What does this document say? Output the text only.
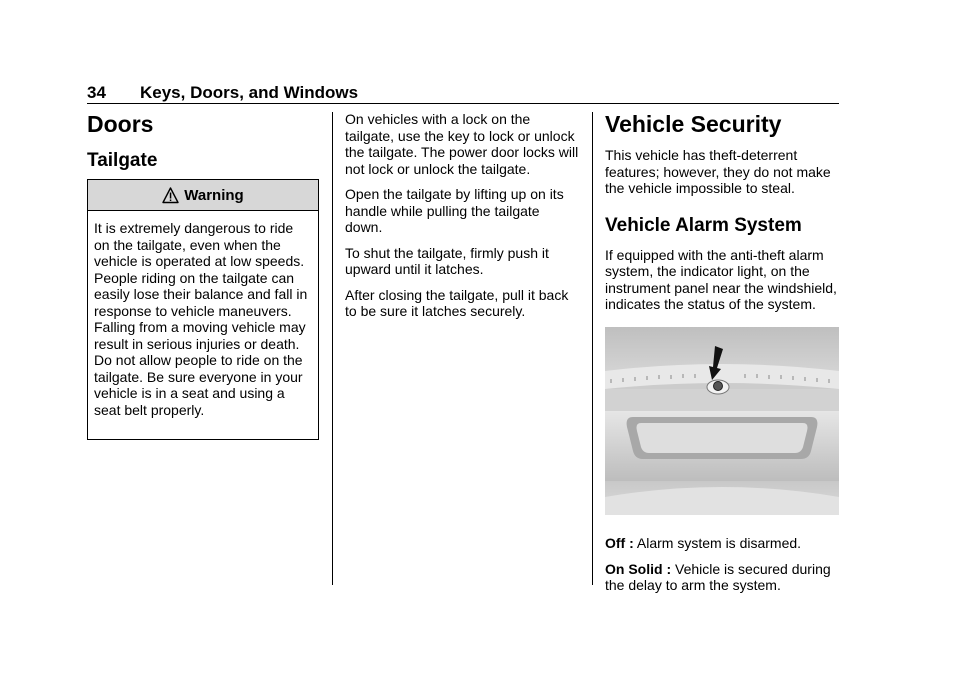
34 Keys, Doors, and Windows
Doors
Tailgate
Warning

It is extremely dangerous to ride on the tailgate, even when the vehicle is operated at low speeds. People riding on the tailgate can easily lose their balance and fall in response to vehicle maneuvers. Falling from a moving vehicle may result in serious injuries or death. Do not allow people to ride on the tailgate. Be sure everyone in your vehicle is in a seat and using a seat belt properly.

On vehicles with a lock on the tailgate, use the key to lock or unlock the tailgate. The power door locks will not lock or unlock the tailgate.

Open the tailgate by lifting up on its handle while pulling the tailgate down.

To shut the tailgate, firmly push it upward until it latches.

After closing the tailgate, pull it back to be sure it latches securely.

Vehicle Security

This vehicle has theft-deterrent features; however, they do not make the vehicle impossible to steal.

Vehicle Alarm System

If equipped with the anti-theft alarm system, the indicator light, on the instrument panel near the windshield, indicates the status of the system.

Off : Alarm system is disarmed.

On Solid : Vehicle is secured during the delay to arm the system.
